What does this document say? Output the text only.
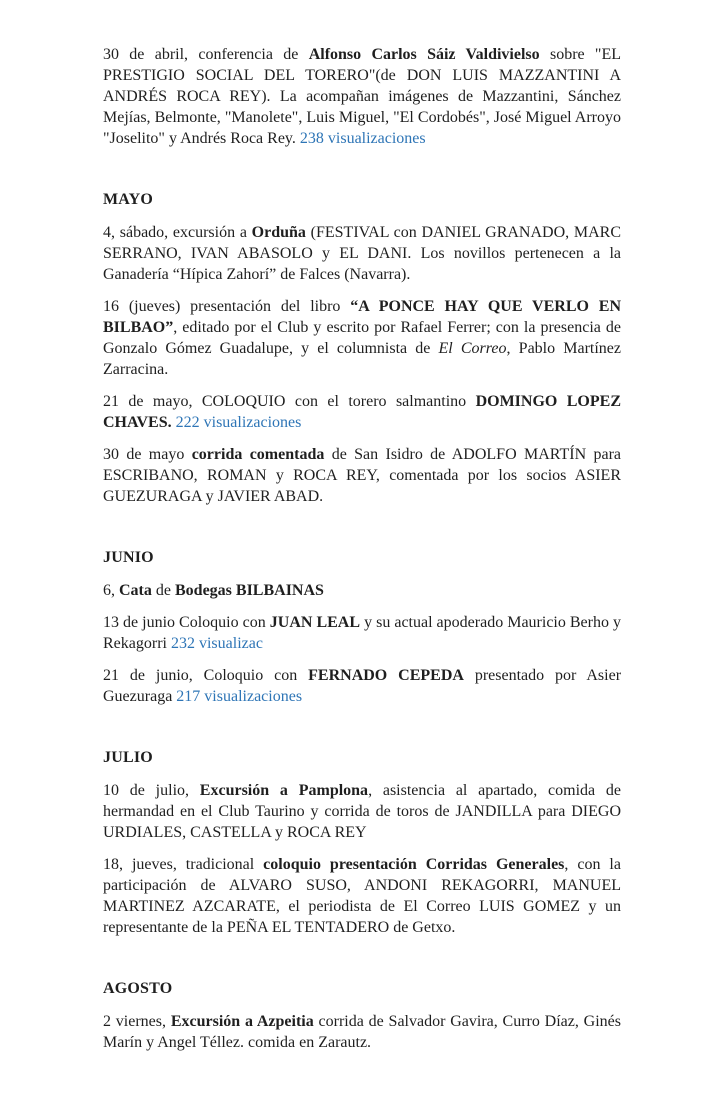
30 de abril, conferencia de Alfonso Carlos Sáiz Valdivielso sobre "EL PRESTIGIO SOCIAL DEL TORERO"(de DON LUIS MAZZANTINI A ANDRÉS ROCA REY). La acompañan imágenes de Mazzantini, Sánchez Mejías, Belmonte, "Manolete", Luis Miguel, "El Cordobés", José Miguel Arroyo "Joselito" y Andrés Roca Rey. 238 visualizaciones

MAYO

4, sábado, excursión a Orduña (FESTIVAL con DANIEL GRANADO, MARC SERRANO, IVAN ABASOLO y EL DANI. Los novillos pertenecen a la Ganadería “Hípica Zahorí” de Falces (Navarra).

16 (jueves) presentación del libro “A PONCE HAY QUE VERLO EN BILBAO”, editado por el Club y escrito por Rafael Ferrer; con la presencia de Gonzalo Gómez Guadalupe, y el columnista de El Correo, Pablo Martínez Zarracina.

21 de mayo, COLOQUIO con el torero salmantino DOMINGO LOPEZ CHAVES. 222 visualizaciones

30 de mayo corrida comentada de San Isidro de ADOLFO MARTÍN para ESCRIBANO, ROMAN y ROCA REY, comentada por los socios ASIER GUEZURAGA y JAVIER ABAD.

JUNIO

6, Cata de Bodegas BILBAINAS

13 de junio Coloquio con JUAN LEAL y su actual apoderado Mauricio Berho y Rekagorri 232 visualizac

21 de junio, Coloquio con FERNADO CEPEDA presentado por Asier Guezuraga 217 visualizaciones

JULIO

10 de julio, Excursión a Pamplona, asistencia al apartado, comida de hermandad en el Club Taurino y corrida de toros de JANDILLA para DIEGO URDIALES, CASTELLA y ROCA REY

18, jueves, tradicional coloquio presentación Corridas Generales, con la participación de ALVARO SUSO, ANDONI REKAGORRI, MANUEL MARTINEZ AZCARATE, el periodista de El Correo LUIS GOMEZ y un representante de la PEÑA EL TENTADERO de Getxo.

AGOSTO

2 viernes, Excursión a Azpeitia corrida de Salvador Gavira, Curro Díaz, Ginés Marín y Angel Téllez. comida en Zarautz.
